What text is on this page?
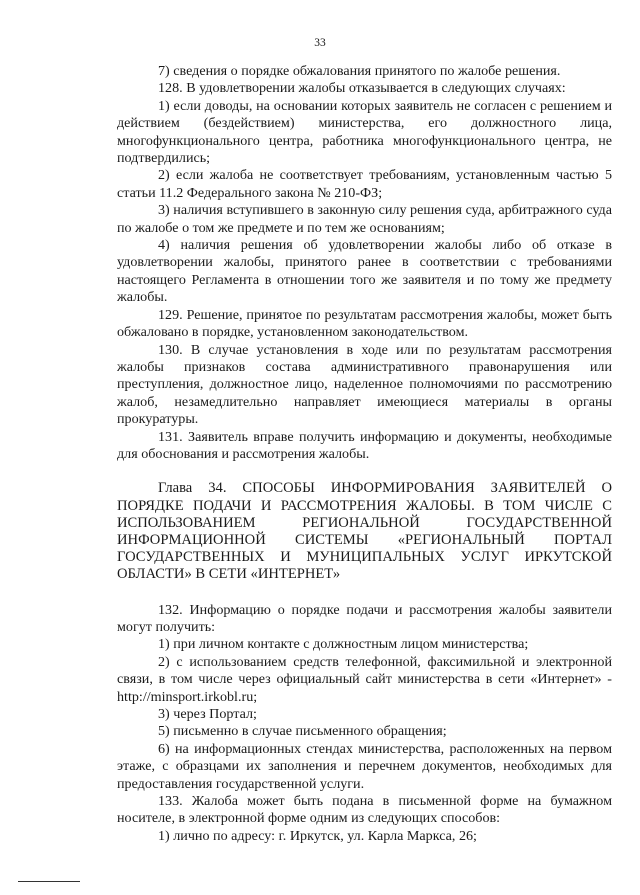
33

7) сведения о порядке обжалования принятого по жалобе решения.

128. В удовлетворении жалобы отказывается в следующих случаях:

1) если доводы, на основании которых заявитель не согласен с решением и действием (бездействием) министерства, его должностного лица, многофункционального центра, работника многофункционального центра, не подтвердились;

2) если жалоба не соответствует требованиям, установленным частью 5 статьи 11.2 Федерального закона № 210-ФЗ;

3) наличия вступившего в законную силу решения суда, арбитражного суда по жалобе о том же предмете и по тем же основаниям;

4) наличия решения об удовлетворении жалобы либо об отказе в удовлетворении жалобы, принятого ранее в соответствии с требованиями настоящего Регламента в отношении того же заявителя и по тому же предмету жалобы.

129. Решение, принятое по результатам рассмотрения жалобы, может быть обжаловано в порядке, установленном законодательством.

130. В случае установления в ходе или по результатам рассмотрения жалобы признаков состава административного правонарушения или преступления, должностное лицо, наделенное полномочиями по рассмотрению жалоб, незамедлительно направляет имеющиеся материалы в органы прокуратуры.

131. Заявитель вправе получить информацию и документы, необходимые для обоснования и рассмотрения жалобы.

Глава 34. СПОСОБЫ ИНФОРМИРОВАНИЯ ЗАЯВИТЕЛЕЙ О ПОРЯДКЕ ПОДАЧИ И РАССМОТРЕНИЯ ЖАЛОБЫ. В ТОМ ЧИСЛЕ С ИСПОЛЬЗОВАНИЕМ РЕГИОНАЛЬНОЙ ГОСУДАРСТВЕННОЙ ИНФОРМАЦИОННОЙ СИСТЕМЫ «РЕГИОНАЛЬНЫЙ ПОРТАЛ ГОСУДАРСТВЕННЫХ И МУНИЦИПАЛЬНЫХ УСЛУГ ИРКУТСКОЙ ОБЛАСТИ» В СЕТИ «ИНТЕРНЕТ»

132. Информацию о порядке подачи и рассмотрения жалобы заявители могут получить:

1) при личном контакте с должностным лицом министерства;

2) с использованием средств телефонной, факсимильной и электронной связи, в том числе через официальный сайт министерства в сети «Интернет» - http://minsport.irkobl.ru;

3) через Портал;

5) письменно в случае письменного обращения;

6) на информационных стендах министерства, расположенных на первом этаже, с образцами их заполнения и перечнем документов, необходимых для предоставления государственной услуги.

133. Жалоба может быть подана в письменной форме на бумажном носителе, в электронной форме одним из следующих способов:

1) лично по адресу: г. Иркутск, ул. Карла Маркса, 26;
